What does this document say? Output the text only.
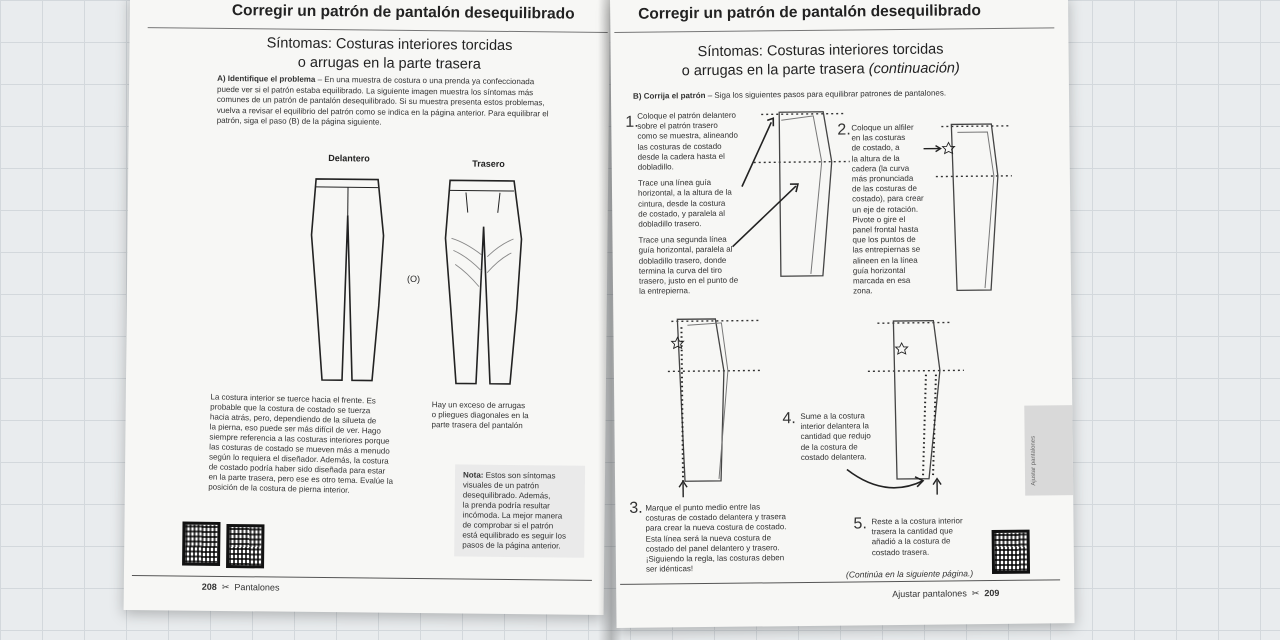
Corregir un patrón de pantalón desequilibrado
Síntomas: Costuras interiores torcidas
o arrugas en la parte trasera
A) Identifique el problema – En una muestra de costura o una prenda ya confeccionada
puede ver si el patrón estaba equilibrado. La siguiente imagen muestra los síntomas más
comunes de un patrón de pantalón desequilibrado. Si su muestra presenta estos problemas,
vuelva a revisar el equilibrio del patrón como se indica en la página anterior. Para equilibrar el
patrón, siga el paso (B) de la página siguiente.
Delantero
Trasero
(O)
La costura interior se tuerce hacia el frente. Es
probable que la costura de costado se tuerza
hacia atrás, pero, dependiendo de la silueta de
la pierna, eso puede ser más difícil de ver. Hago
siempre referencia a las costuras interiores porque
las costuras de costado se mueven más a menudo
según lo requiera el diseñador. Además, la costura
de costado podría haber sido diseñada para estar
en la parte trasera, pero ese es otro tema. Evalúe la
posición de la costura de pierna interior.
Hay un exceso de arrugas
o pliegues diagonales en la
parte trasera del pantalón
Nota: Estos son síntomas
visuales de un patrón
desequilibrado. Además,
la prenda podría resultar
incómoda. La mejor manera
de comprobar si el patrón
está equilibrado es seguir los
pasos de la página anterior.
208  ✂  Pantalones
Corregir un patrón de pantalón desequilibrado
Síntomas: Costuras interiores torcidas
o arrugas en la parte trasera (continuación)
B) Corrija el patrón – Siga los siguientes pasos para equilibrar patrones de pantalones.
1.
Coloque el patrón delantero
sobre el patrón trasero
como se muestra, alineando
las costuras de costado
desde la cadera hasta el
dobladillo.
Trace una línea guía
horizontal, a la altura de la
cintura, desde la costura
de costado, y paralela al
dobladillo trasero.
Trace una segunda línea
guía horizontal, paralela al
dobladillo trasero, donde
termina la curva del tiro
trasero, justo en el punto de
la entrepierna.
2. Coloque un alfiler
en las costuras
de costado, a
la altura de la
cadera (la curva
más pronunciada
de las costuras de
costado), para crear
un eje de rotación.
Pivote o gire el
panel frontal hasta
que los puntos de
las entrepiernas se
alineen en la línea
guía horizontal
marcada en esa
zona.
3. Marque el punto medio entre las
costuras de costado delantera y trasera
para crear la nueva costura de costado.
Esta línea será la nueva costura de
costado del panel delantero y trasero.
¡Siguiendo la regla, las costuras deben
ser idénticas!
4. Sume a la costura
interior delantera la
cantidad que redujo
de la costura de
costado delantera.
5. Reste a la costura interior
trasera la cantidad que
añadió a la costura de
costado trasera.
(Continúa en la siguiente página.)
Ajustar pantalones
Ajustar pantalones  ✂  209
